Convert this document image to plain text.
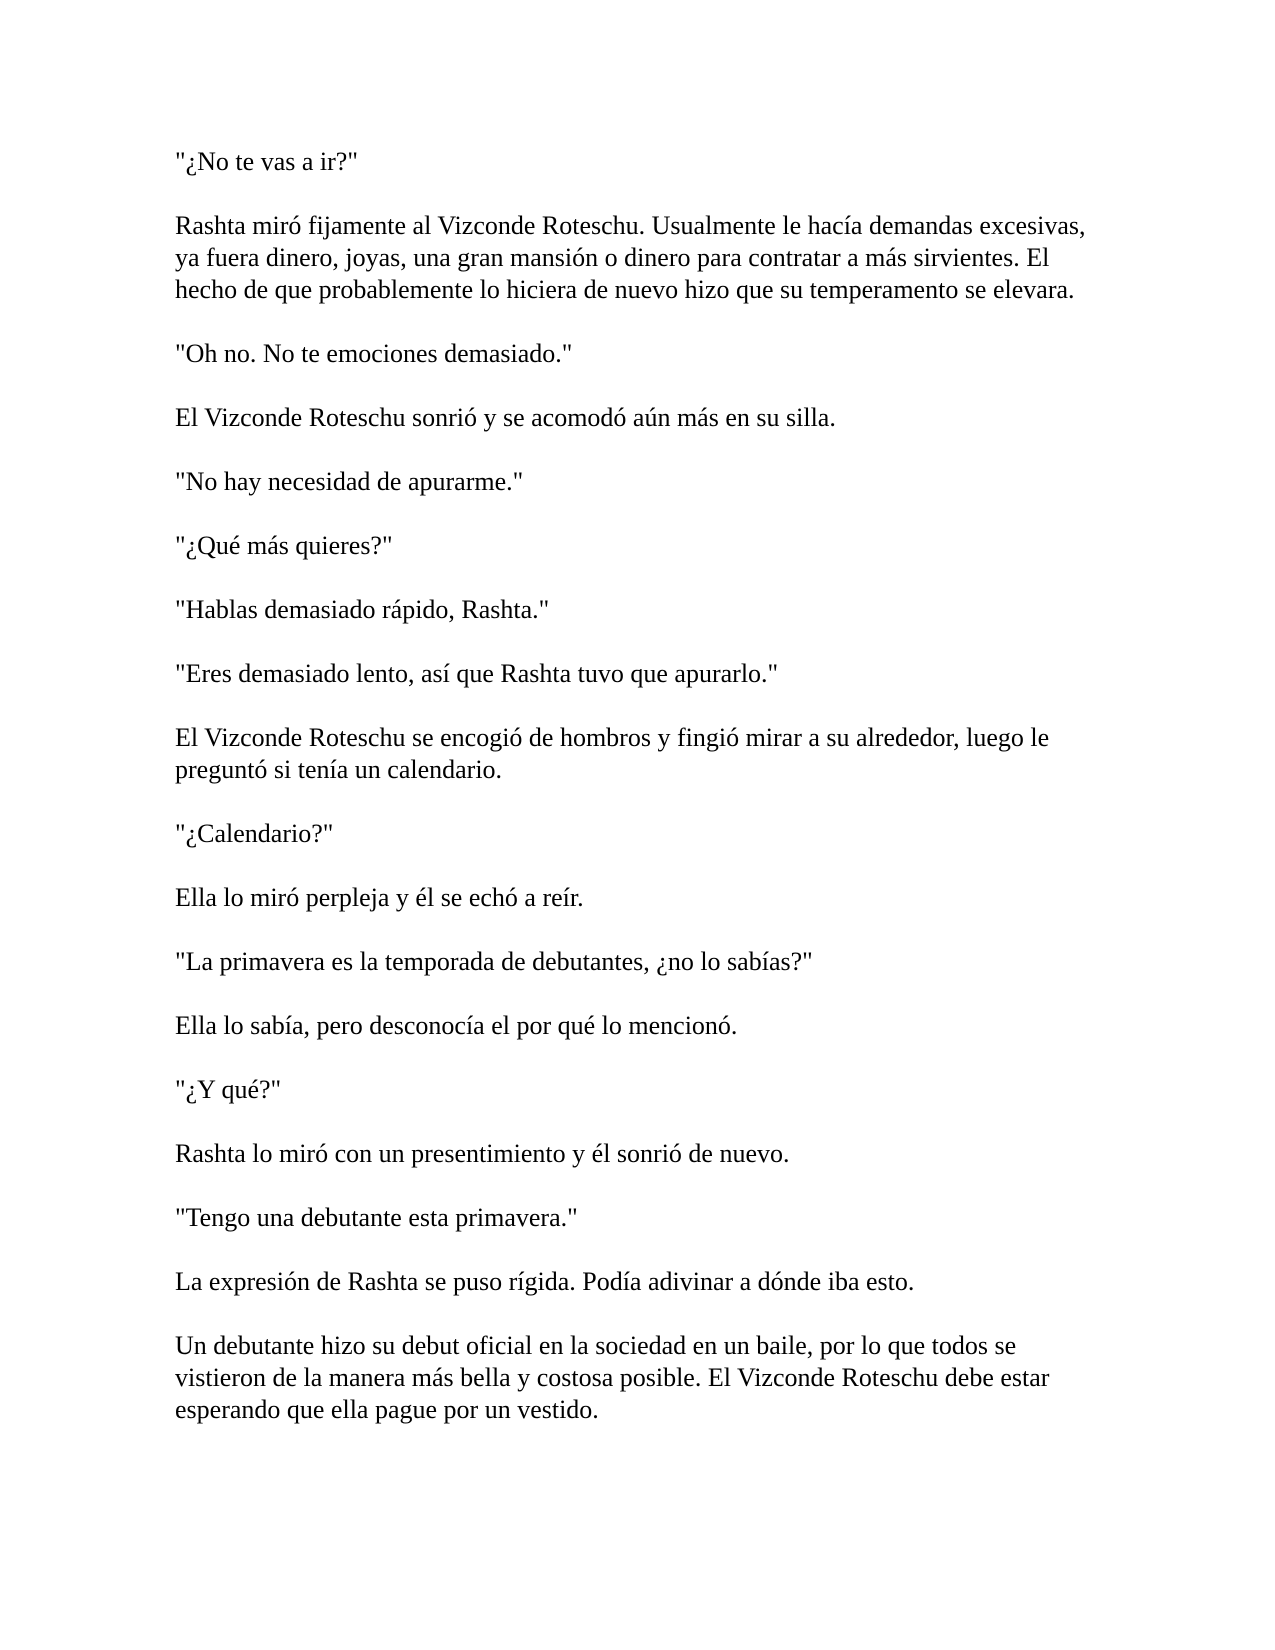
"¿No te vas a ir?"

Rashta miró fijamente al Vizconde Roteschu. Usualmente le hacía demandas excesivas, ya fuera dinero, joyas, una gran mansión o dinero para contratar a más sirvientes. El hecho de que probablemente lo hiciera de nuevo hizo que su temperamento se elevara.

"Oh no. No te emociones demasiado."

El Vizconde Roteschu sonrió y se acomodó aún más en su silla.

"No hay necesidad de apurarme."

"¿Qué más quieres?"

"Hablas demasiado rápido, Rashta."

"Eres demasiado lento, así que Rashta tuvo que apurarlo."

El Vizconde Roteschu se encogió de hombros y fingió mirar a su alrededor, luego le preguntó si tenía un calendario.

"¿Calendario?"

Ella lo miró perpleja y él se echó a reír.

"La primavera es la temporada de debutantes, ¿no lo sabías?"

Ella lo sabía, pero desconocía el por qué lo mencionó.

"¿Y qué?"

Rashta lo miró con un presentimiento y él sonrió de nuevo.

"Tengo una debutante esta primavera."

La expresión de Rashta se puso rígida. Podía adivinar a dónde iba esto.

Un debutante hizo su debut oficial en la sociedad en un baile, por lo que todos se vistieron de la manera más bella y costosa posible. El Vizconde Roteschu debe estar esperando que ella pague por un vestido.
